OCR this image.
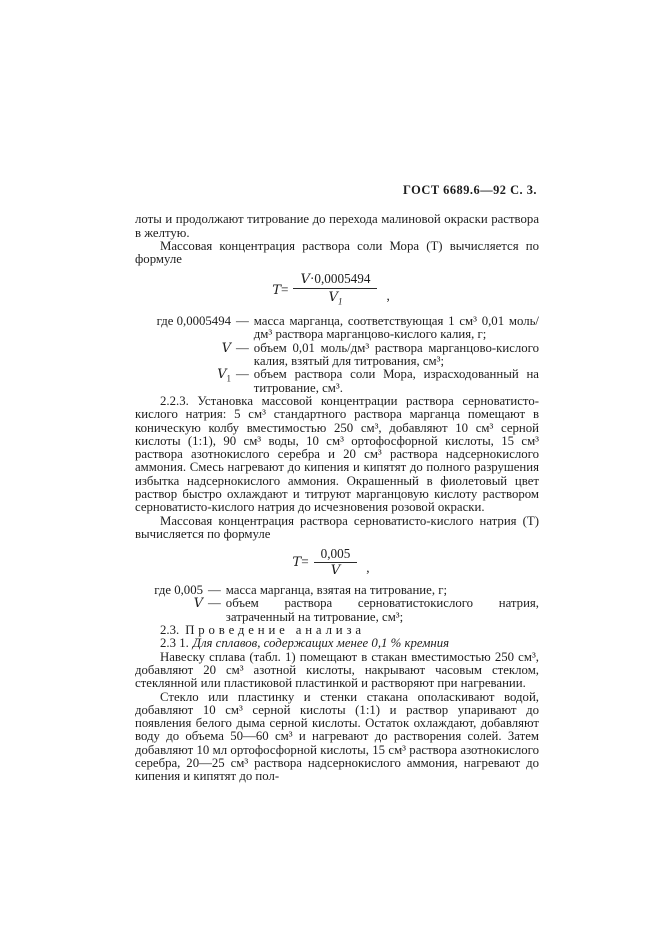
ГОСТ 6689.6—92 С. 3.

лоты и продолжают титрование до перехода малиновой окраски раствора в желтую.

Массовая концентрация раствора соли Мора (T) вычисляется по формуле

$T= \frac{V\cdot 0,0005494}{V_1}$ ,
где 0,0005494 — масса марганца, соответствующая 1 см³ 0,01 моль/дм³ раствора марганцово-кислого калия, г;
V — объем 0,01 моль/дм³ раствора марганцово-кислого калия, взятый для титрования, см³;
$V_1$ — объем раствора соли Мора, израсходованный на титрование, см³.

2.2.3. Установка массовой концентрации раствора серноватисто-кислого натрия: 5 см³ стандартного раствора марганца помещают в коническую колбу вместимостью 250 см³, добавляют 10 см³ серной кислоты (1:1), 90 см³ воды, 10 см³ ортофосфорной кислоты, 15 см³ раствора азотнокислого серебра и 20 см³ раствора надсернокислого аммония. Смесь нагревают до кипения и кипятят до полного разрушения избытка надсернокислого аммония. Окрашенный в фиолетовый цвет раствор быстро охлаждают и титруют марганцовую кислоту раствором серноватисто-кислого натрия до исчезновения розовой окраски.

Массовая концентрация раствора серноватисто-кислого натрия (T) вычисляется по формуле

$T= \frac{0,005}{V}$ ,
где 0,005 — масса марганца, взятая на титрование, г;
V — объем раствора серноватистокислого натрия, затраченный на титрование, см³;

2.3. Проведение анализа

2.3 1. Для сплавов, содержащих менее 0,1 % кремния

Навеску сплава (табл. 1) помещают в стакан вместимостью 250 см³, добавляют 20 см³ азотной кислоты, накрывают часовым стеклом, стеклянной или пластиковой пластинкой и растворяют при нагревании.

Стекло или пластинку и стенки стакана ополаскивают водой, добавляют 10 см³ серной кислоты (1:1) и раствор упаривают до появления белого дыма серной кислоты. Остаток охлаждают, добавляют воду до объема 50—60 см³ и нагревают до растворения солей. Затем добавляют 10 мл ортофосфорной кислоты, 15 см³ раствора азотнокислого серебра, 20—25 см³ раствора надсернокислого аммония, нагревают до кипения и кипятят до пол-
